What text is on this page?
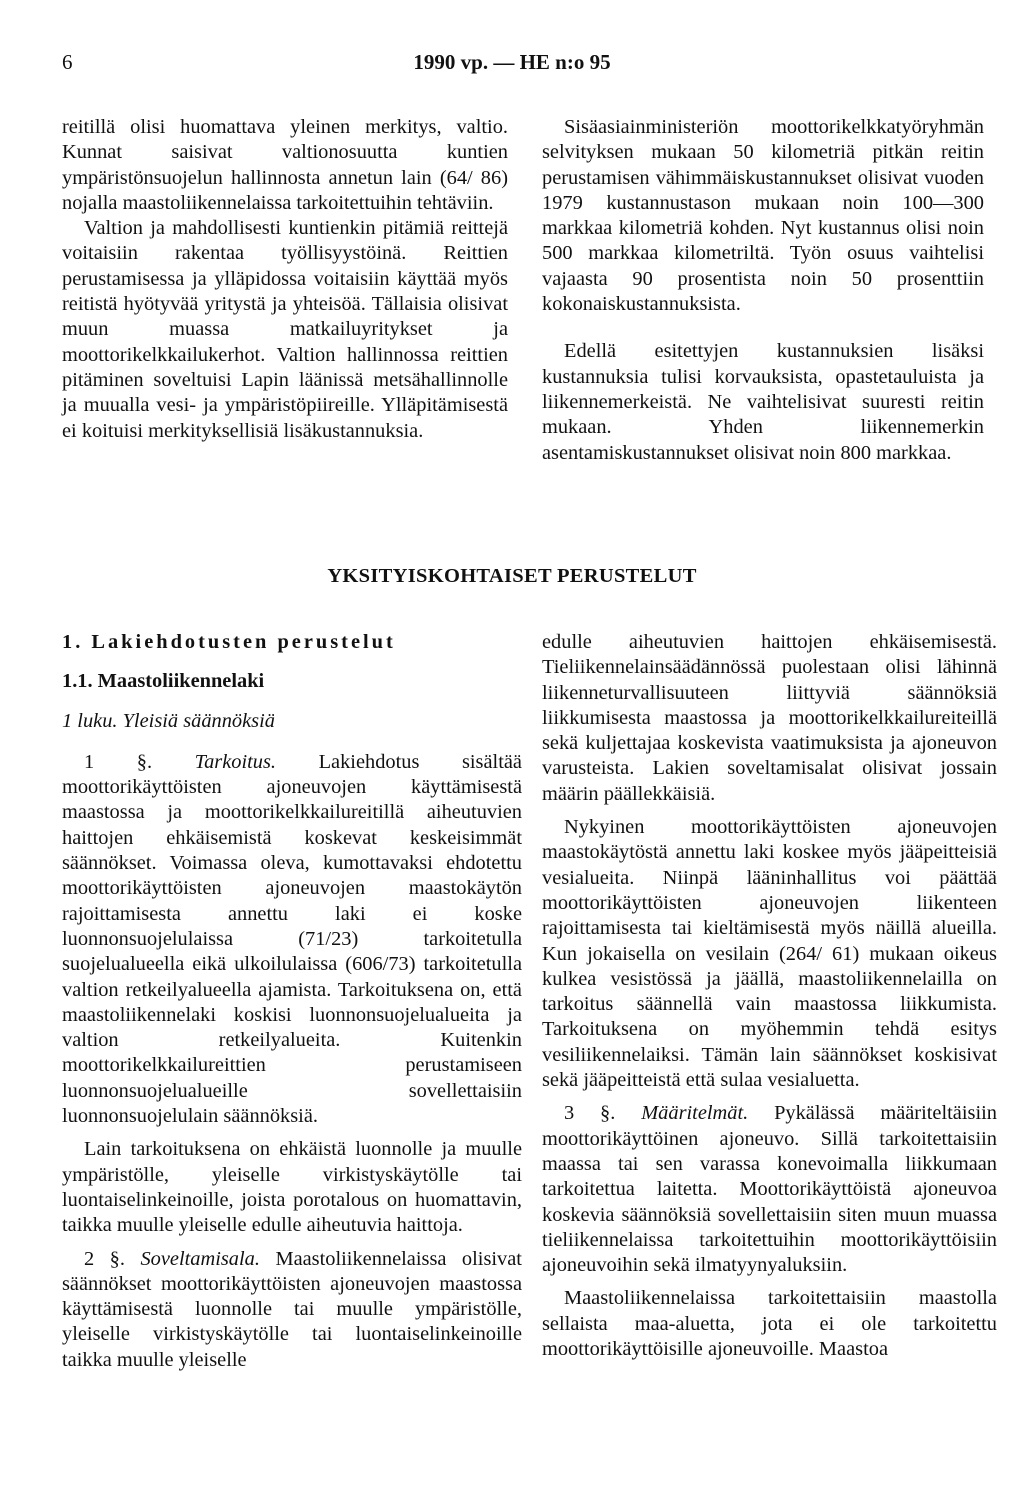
6	1990 vp. — HE n:o 95

reitillä olisi huomattava yleinen merkitys, valtio. Kunnat saisivat valtionosuutta kuntien ympäristönsuojelun hallinnosta annetun lain (64/ 86) nojalla maastoliikennelaissa tarkoitettuihin tehtäviin.

Valtion ja mahdollisesti kuntienkin pitämiä reittejä voitaisiin rakentaa työllisyystöinä. Reittien perustamisessa ja ylläpidossa voitaisiin käyttää myös reitistä hyötyvää yritystä ja yhteisöä. Tällaisia olisivat muun muassa matkailuyritykset ja moottorikelkkailukerhot. Valtion hallinnossa reittien pitäminen soveltuisi Lapin läänissä metsähallinnolle ja muualla vesi- ja ympäristöpiireille. Ylläpitämisestä ei koituisi merkityksellisiä lisäkustannuksia.

Sisäasiainministeriön moottorikelkkatyöryhmän selvityksen mukaan 50 kilometriä pitkän reitin perustamisen vähimmäiskustannukset olisivat vuoden 1979 kustannustason mukaan noin 100—300 markkaa kilometriä kohden. Nyt kustannus olisi noin 500 markkaa kilometriltä. Työn osuus vaihtelisi vajaasta 90 prosentista noin 50 prosenttiin kokonaiskustannuksista.

Edellä esitettyjen kustannuksien lisäksi kustannuksia tulisi korvauksista, opastetauluista ja liikennemerkeistä. Ne vaihtelisivat suuresti reitin mukaan. Yhden liikennemerkin asentamiskustannukset olisivat noin 800 markkaa.

YKSITYISKOHTAISET PERUSTELUT

1. Lakiehdotusten perustelut

1.1. Maastoliikennelaki

1 luku. Yleisiä säännöksiä

1 §. Tarkoitus. Lakiehdotus sisältää moottorikäyttöisten ajoneuvojen käyttämisestä maastossa ja moottorikelkkailureitillä aiheutuvien haittojen ehkäisemistä koskevat keskeisimmät säännökset. Voimassa oleva, kumottavaksi ehdotettu moottorikäyttöisten ajoneuvojen maastokäytön rajoittamisesta annettu laki ei koske luonnonsuojelulaissa (71/23) tarkoitetulla suojelualueella eikä ulkoilulaissa (606/73) tarkoitetulla valtion retkeilyalueella ajamista. Tarkoituksena on, että maastoliikennelaki koskisi luonnonsuojelualueita ja valtion retkeilyalueita. Kuitenkin moottorikelkkailureittien perustamiseen luonnonsuojelualueille sovellettaisiin luonnonsuojelulain säännöksiä.

Lain tarkoituksena on ehkäistä luonnolle ja muulle ympäristölle, yleiselle virkistyskäytölle tai luontaiselinkeinoille, joista porotalous on huomattavin, taikka muulle yleiselle edulle aiheutuvia haittoja.

2 §. Soveltamisala. Maastoliikennelaissa olisivat säännökset moottorikäyttöisten ajoneuvojen maastossa käyttämisestä luonnolle tai muulle ympäristölle, yleiselle virkistyskäytölle tai luontaiselinkeinoille taikka muulle yleiselle

edulle aiheutuvien haittojen ehkäisemisestä. Tieliikennelainsäädännössä puolestaan olisi lähinnä liikenneturvallisuuteen liittyviä säännöksiä liikkumisesta maastossa ja moottorikelkkailureiteillä sekä kuljettajaa koskevista vaatimuksista ja ajoneuvon varusteista. Lakien soveltamisalat olisivat jossain määrin päällekkäisiä.

Nykyinen moottorikäyttöisten ajoneuvojen maastokäytöstä annettu laki koskee myös jääpeitteisiä vesialueita. Niinpä lääninhallitus voi päättää moottorikäyttöisten ajoneuvojen liikenteen rajoittamisesta tai kieltämisestä myös näillä alueilla. Kun jokaisella on vesilain (264/ 61) mukaan oikeus kulkea vesistössä ja jäällä, maastoliikennelailla on tarkoitus säännellä vain maastossa liikkumista. Tarkoituksena on myöhemmin tehdä esitys vesiliikennelaiksi. Tämän lain säännökset koskisivat sekä jääpeitteistä että sulaa vesialuetta.

3 §. Määritelmät. Pykälässä määriteltäisiin moottorikäyttöinen ajoneuvo. Sillä tarkoitettaisiin maassa tai sen varassa konevoimalla liikkumaan tarkoitettua laitetta. Moottorikäyttöistä ajoneuvoa koskevia säännöksiä sovellettaisiin siten muun muassa tieliikennelaissa tarkoitettuihin moottorikäyttöisiin ajoneuvoihin sekä ilmatyynyaluksiin.

Maastoliikennelaissa tarkoitettaisiin maastolla sellaista maa-aluetta, jota ei ole tarkoitettu moottorikäyttöisille ajoneuvoille. Maastoa
